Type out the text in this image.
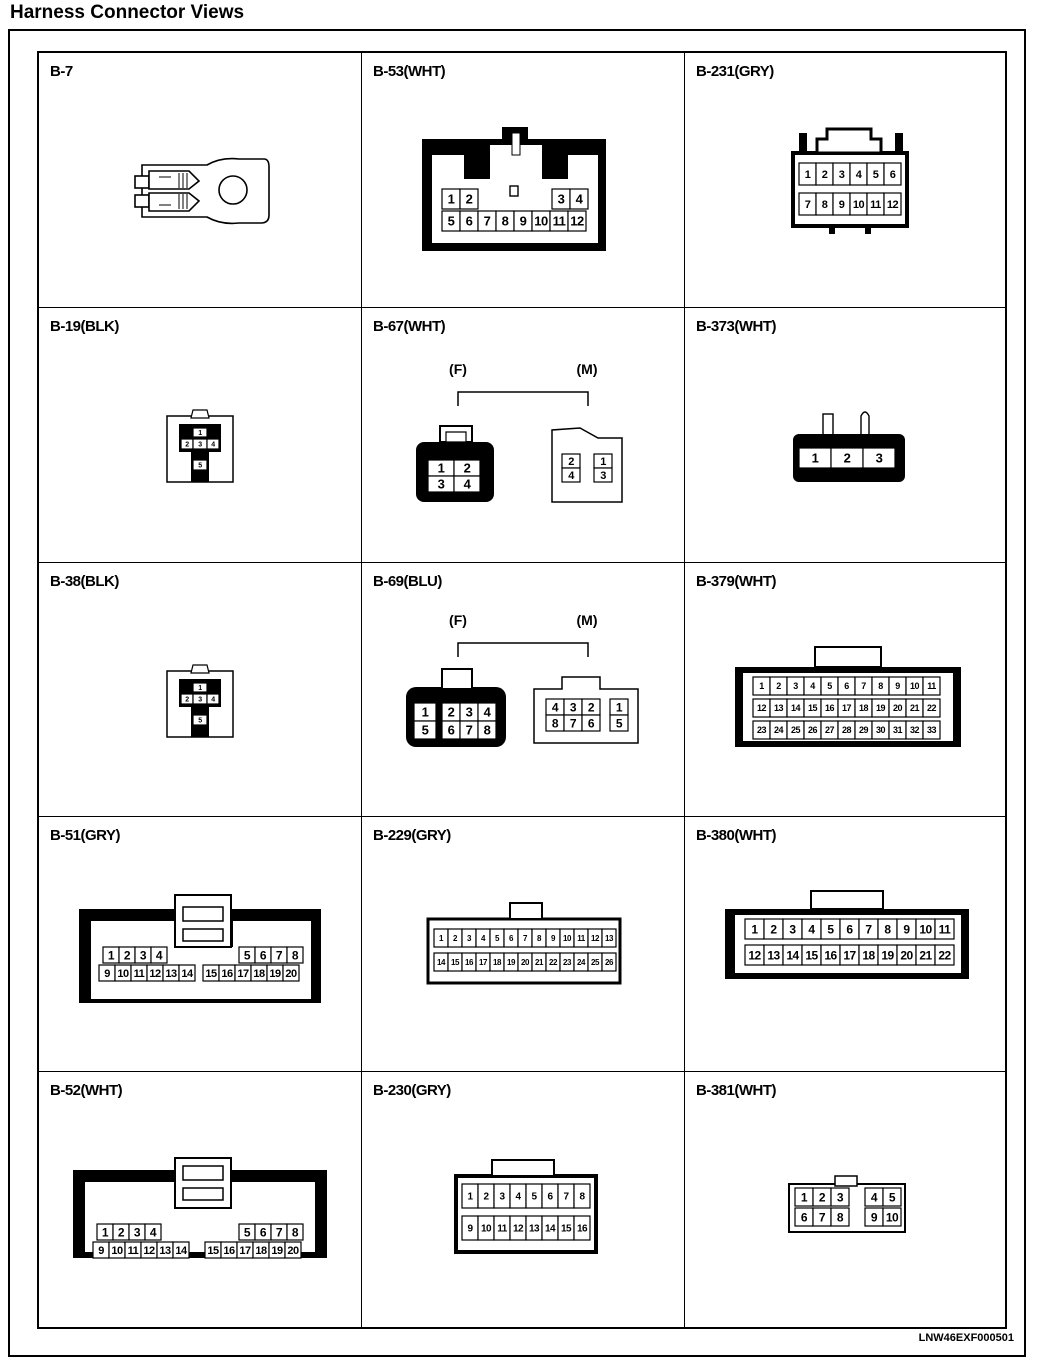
Harness Connector Views
B-7	B-53(WHT)
1 2	3 4
5 6 7 8 9 10 11 12
B-231(GRY)
1 2 3 4 5 6
7 8 9 10 11 12
B-19(BLK)
1
2 3 4
5
B-67(WHT)
(F)	(M)
1 2
3 4
2 1
4 3
B-373(WHT)
1 2 3
B-38(BLK)
1
2 3 4
5
B-69(BLU)
(F)	(M)
1 2 3 4
5 6 7 8
4 3 2
8 7 6
1
5
B-379(WHT)
1 2 3 4 5 6 7 8 9 10 11
12 13 14 15 16 17 18 19 20 21 22
23 24 25 26 27 28 29 30 31 32 33
B-51(GRY)
1 2 3 4	5 6 7 8
9 10 11 12 13 14 15 16 17 18 19 20
B-229(GRY)
1 2 3 4 5 6 7 8 9 10 11 12 13
14 15 16 17 18 19 20 21 22 23 24 25 26
B-380(WHT)
1 2 3 4 5 6 7 8 9 10 11
12 13 14 15 16 17 18 19 20 21 22
B-52(WHT)
1 2 3 4	5 6 7 8
9 10 11 12 13 14 15 16 17 18 19 20
B-230(GRY)
1 2 3 4 5 6 7 8
9 10 11 12 13 14 15 16
B-381(WHT)
1 2 3
6 7 8
4 5
9 10
LNW46EXF000501
